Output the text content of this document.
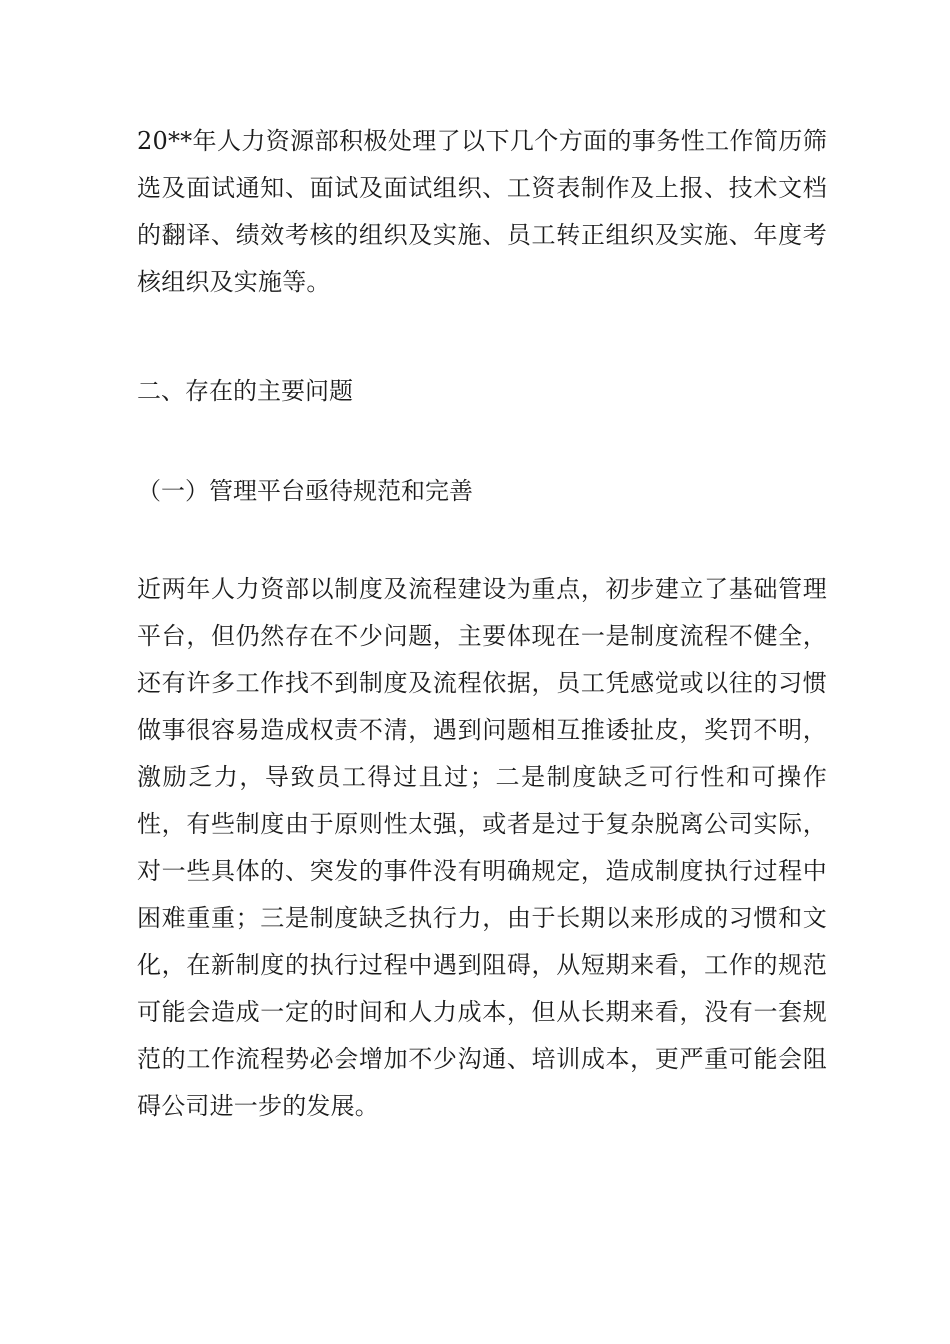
20**年人力资源部积极处理了以下几个方面的事务性工作简历筛选及面试通知、面试及面试组织、工资表制作及上报、技术文档的翻译、绩效考核的组织及实施、员工转正组织及实施、年度考核组织及实施等。

二、存在的主要问题

（一）管理平台亟待规范和完善

近两年人力资部以制度及流程建设为重点，初步建立了基础管理平台，但仍然存在不少问题，主要体现在一是制度流程不健全，还有许多工作找不到制度及流程依据，员工凭感觉或以往的习惯做事很容易造成权责不清，遇到问题相互推诿扯皮，奖罚不明，激励乏力，导致员工得过且过；二是制度缺乏可行性和可操作性，有些制度由于原则性太强，或者是过于复杂脱离公司实际，对一些具体的、突发的事件没有明确规定，造成制度执行过程中困难重重；三是制度缺乏执行力，由于长期以来形成的习惯和文化，在新制度的执行过程中遇到阻碍，从短期来看，工作的规范可能会造成一定的时间和人力成本，但从长期来看，没有一套规范的工作流程势必会增加不少沟通、培训成本，更严重可能会阻碍公司进一步的发展。
